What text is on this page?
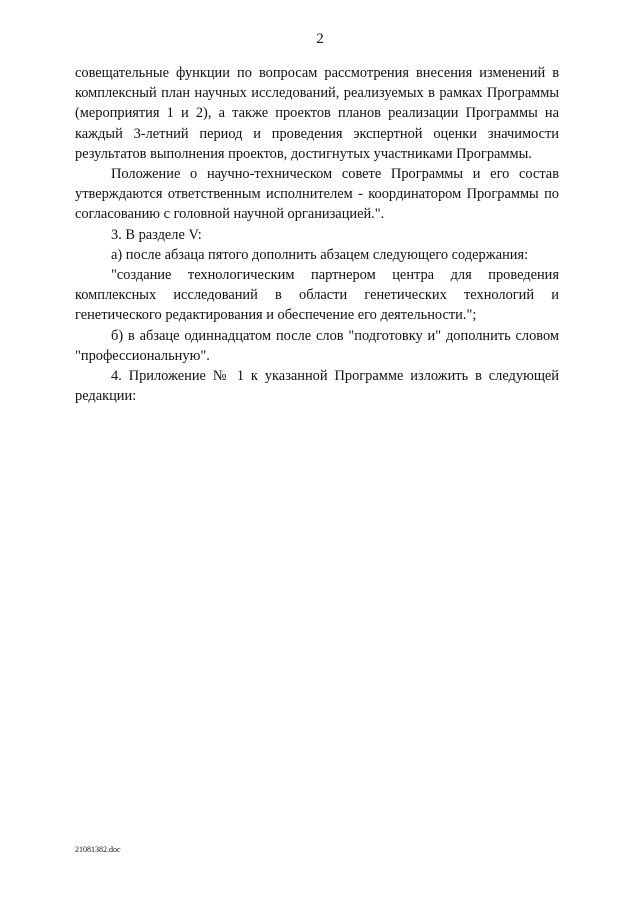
2

совещательные функции по вопросам рассмотрения внесения изменений в комплексный план научных исследований, реализуемых в рамках Программы (мероприятия 1 и 2), а также проектов планов реализации Программы на каждый 3-летний период и проведения экспертной оценки значимости результатов выполнения проектов, достигнутых участниками Программы.

Положение о научно-техническом совете Программы и его состав утверждаются ответственным исполнителем - координатором Программы по согласованию с головной научной организацией.".

3. В разделе V:

а) после абзаца пятого дополнить абзацем следующего содержания:

"создание технологическим партнером центра для проведения комплексных исследований в области генетических технологий и генетического редактирования и обеспечение его деятельности.";

б) в абзаце одиннадцатом после слов "подготовку и" дополнить словом "профессиональную".

4. Приложение № 1 к указанной Программе изложить в следующей редакции:

21081382.doc
